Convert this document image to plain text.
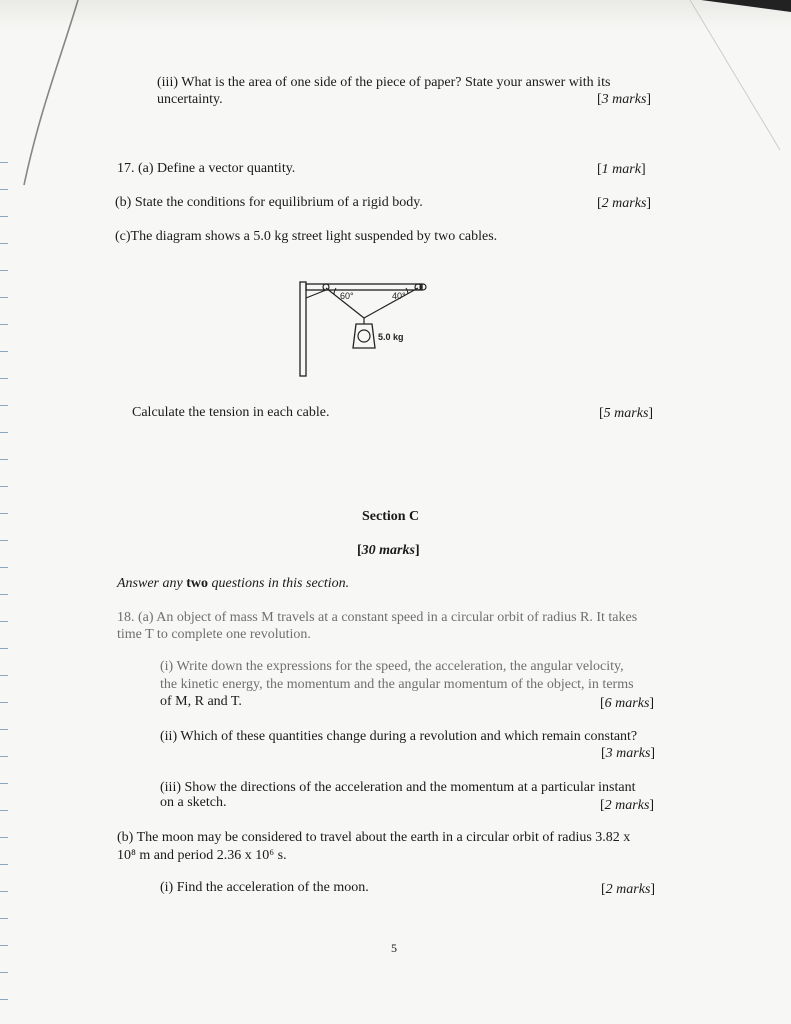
(iii) What is the area of one side of the piece of paper? State your answer with its
uncertainty.	[3 marks]
17. (a) Define a vector quantity.	[1 mark]
(b) State the conditions for equilibrium of a rigid body.	[2 marks]
(c)The diagram shows a 5.0 kg street light suspended by two cables.
60°	40°
5.0 kg
Calculate the tension in each cable.	[5 marks]
Section C
[30 marks]
Answer any two questions in this section.
18. (a) An object of mass M travels at a constant speed in a circular orbit of radius R. It takes
time T to complete one revolution.
(i) Write down the expressions for the speed, the acceleration, the angular velocity,
the kinetic energy, the momentum and the angular momentum of the object, in terms
of M, R and T.	[6 marks]
(ii) Which of these quantities change during a revolution and which remain constant?
[3 marks]
(iii) Show the directions of the acceleration and the momentum at a particular instant
on a sketch.	[2 marks]
(b) The moon may be considered to travel about the earth in a circular orbit of radius 3.82 x
10⁸ m and period 2.36 x 10⁶ s.
(i) Find the acceleration of the moon.	[2 marks]
5
